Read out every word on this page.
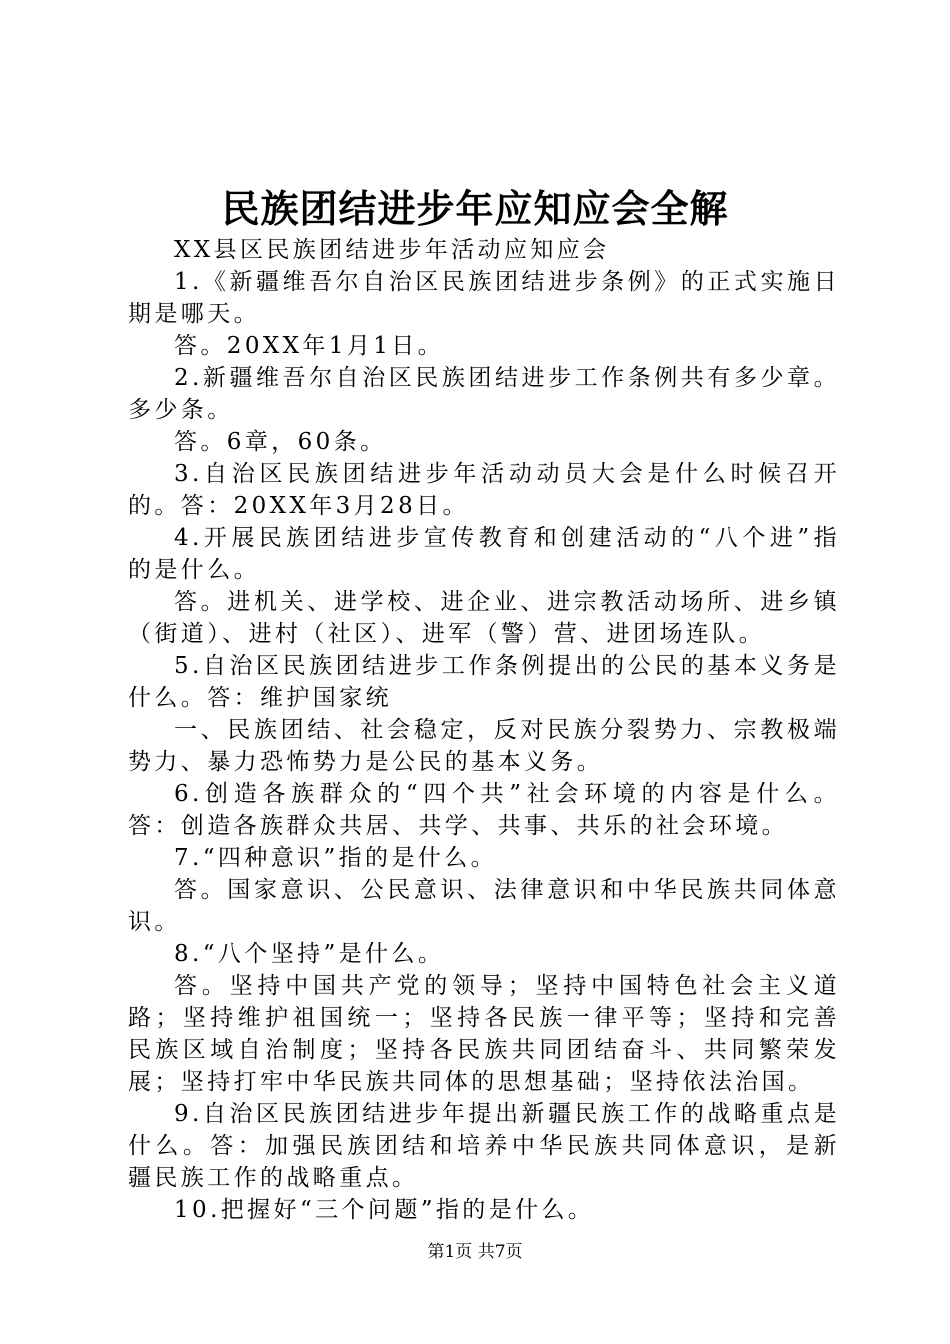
民族团结进步年应知应会全解

XX县区民族团结进步年活动应知应会

1.《新疆维吾尔自治区民族团结进步条例》的正式实施日期是哪天。

答。20XX年1月1日。

2.新疆维吾尔自治区民族团结进步工作条例共有多少章。多少条。

答。6章，60条。

3.自治区民族团结进步年活动动员大会是什么时候召开的。答：20XX年3月28日。

4.开展民族团结进步宣传教育和创建活动的“八个进”指的是什么。

答。进机关、进学校、进企业、进宗教活动场所、进乡镇（街道）、进村（社区）、进军（警）营、进团场连队。

5.自治区民族团结进步工作条例提出的公民的基本义务是什么。答：维护国家统

一、民族团结、社会稳定，反对民族分裂势力、宗教极端势力、暴力恐怖势力是公民的基本义务。

6.创造各族群众的“四个共”社会环境的内容是什么。答：创造各族群众共居、共学、共事、共乐的社会环境。

7.“四种意识”指的是什么。

答。国家意识、公民意识、法律意识和中华民族共同体意识。

8.“八个坚持”是什么。

答。坚持中国共产党的领导；坚持中国特色社会主义道路；坚持维护祖国统一；坚持各民族一律平等；坚持和完善民族区域自治制度；坚持各民族共同团结奋斗、共同繁荣发展；坚持打牢中华民族共同体的思想基础；坚持依法治国。

9.自治区民族团结进步年提出新疆民族工作的战略重点是什么。答：加强民族团结和培养中华民族共同体意识，是新疆民族工作的战略重点。

10.把握好“三个问题”指的是什么。

第1页 共7页
